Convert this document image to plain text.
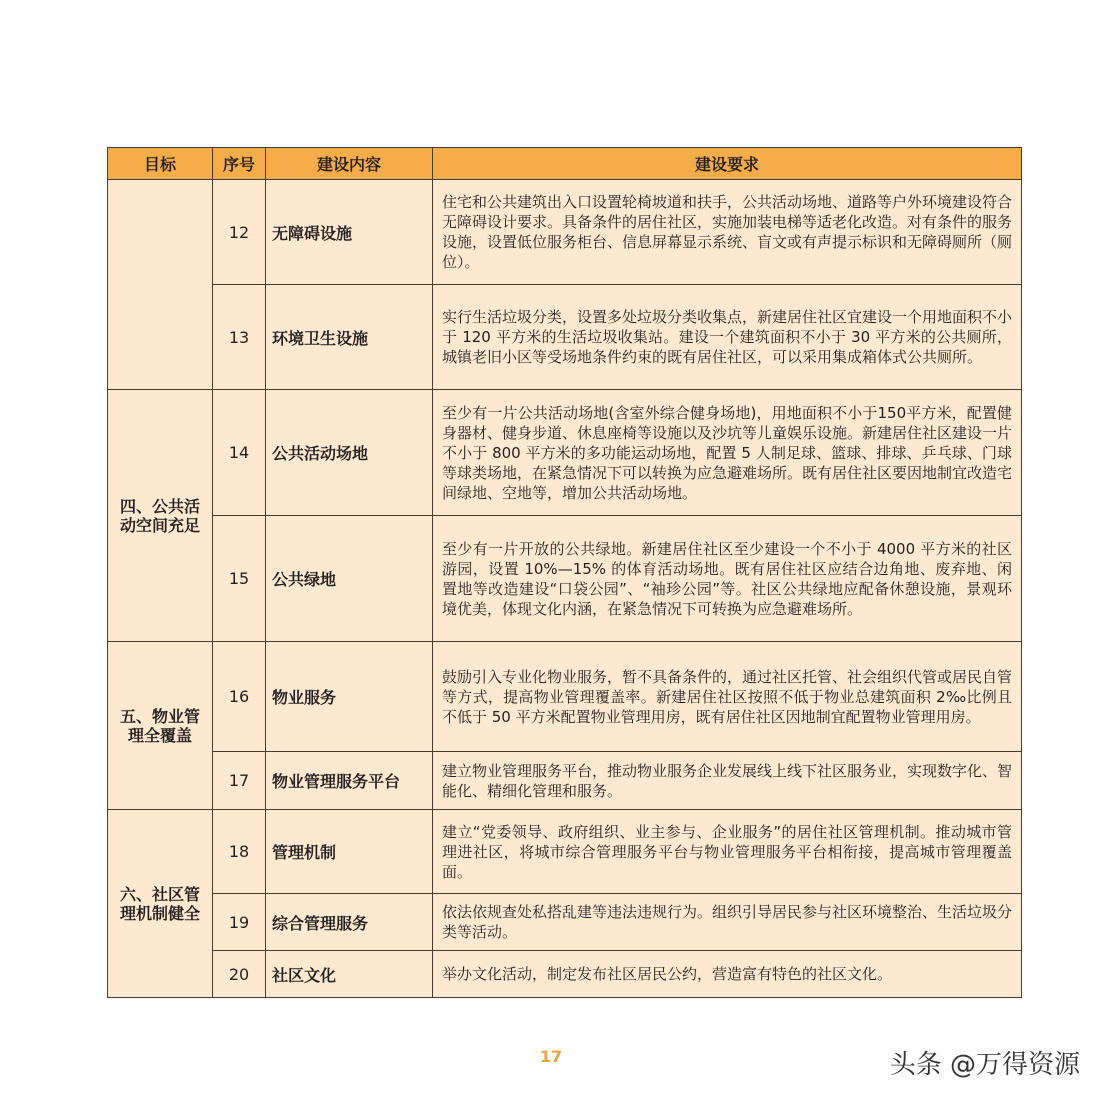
目标	序号	建设内容	建设要求
	12	无障碍设施	住宅和公共建筑出入口设置轮椅坡道和扶手，公共活动场地、道路等户外环境建设符合无障碍设计要求。具备条件的居住社区，实施加装电梯等适老化改造。对有条件的服务设施，设置低位服务柜台、信息屏幕显示系统、盲文或有声提示标识和无障碍厕所（厕位）。
	13	环境卫生设施	实行生活垃圾分类，设置多处垃圾分类收集点，新建居住社区宜建设一个用地面积不小于 120 平方米的生活垃圾收集站。建设一个建筑面积不小于 30 平方米的公共厕所，城镇老旧小区等受场地条件约束的既有居住社区，可以采用集成箱体式公共厕所。
四、公共活动空间充足	14	公共活动场地	至少有一片公共活动场地(含室外综合健身场地)，用地面积不小于150平方米，配置健身器材、健身步道、休息座椅等设施以及沙坑等儿童娱乐设施。新建居住社区建设一片不小于 800 平方米的多功能运动场地，配置 5 人制足球、篮球、排球、乒乓球、门球等球类场地，在紧急情况下可以转换为应急避难场所。既有居住社区要因地制宜改造宅间绿地、空地等，增加公共活动场地。
	15	公共绿地	至少有一片开放的公共绿地。新建居住社区至少建设一个不小于 4000 平方米的社区游园，设置 10%—15% 的体育活动场地。既有居住社区应结合边角地、废弃地、闲置地等改造建设“口袋公园”、“袖珍公园”等。社区公共绿地应配备休憩设施，景观环境优美，体现文化内涵，在紧急情况下可转换为应急避难场所。
五、物业管理全覆盖	16	物业服务	鼓励引入专业化物业服务，暂不具备条件的，通过社区托管、社会组织代管或居民自管等方式，提高物业管理覆盖率。新建居住社区按照不低于物业总建筑面积 2‰比例且不低于 50 平方米配置物业管理用房，既有居住社区因地制宜配置物业管理用房。
	17	物业管理服务平台	建立物业管理服务平台，推动物业服务企业发展线上线下社区服务业，实现数字化、智能化、精细化管理和服务。
六、社区管理机制健全	18	管理机制	建立“党委领导、政府组织、业主参与、企业服务”的居住社区管理机制。推动城市管理进社区，将城市综合管理服务平台与物业管理服务平台相衔接，提高城市管理覆盖面。
	19	综合管理服务	依法依规查处私搭乱建等违法违规行为。组织引导居民参与社区环境整治、生活垃圾分类等活动。
	20	社区文化	举办文化活动，制定发布社区居民公约，营造富有特色的社区文化。
17	头条 @万得资源
